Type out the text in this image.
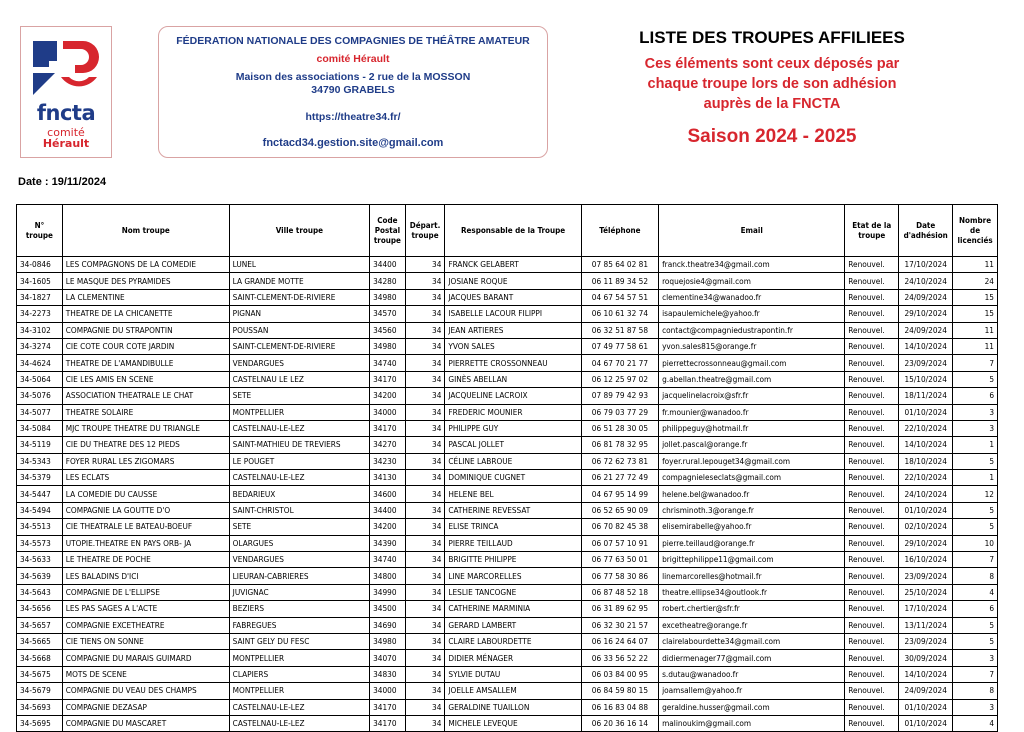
fncta
comité
Hérault
FÉDERATION NATIONALE DES COMPAGNIES DE THÉÂTRE AMATEUR
comité Hérault
Maison des associations - 2 rue de la MOSSON
34790 GRABELS
https://theatre34.fr/
fnctacd34.gestion.site@gmail.com
LISTE DES TROUPES AFFILIEES
Ces éléments sont ceux déposés par
chaque troupe lors de son adhésion
auprès de la FNCTA
Saison 2024 - 2025
Date : 19/11/2024
N° troupe	Nom troupe	Ville troupe	Code Postal troupe	Départ. troupe	Responsable de la Troupe	Téléphone	Email	Etat de la troupe	Date d'adhésion	Nombre de licenciés
34-0846	LES COMPAGNONS DE LA COMEDIE	LUNEL	34400	34	FRANCK GELABERT	07 85 64 02 81	franck.theatre34@gmail.com	Renouvel.	17/10/2024	11
34-1605	LE MASQUE DES PYRAMIDES	LA GRANDE MOTTE	34280	34	JOSIANE ROQUE	06 11 89 34 52	roquejosie4@gmail.com	Renouvel.	24/10/2024	24
34-1827	LA CLEMENTINE	SAINT-CLEMENT-DE-RIVIERE	34980	34	JACQUES BARANT	04 67 54 57 51	clementine34@wanadoo.fr	Renouvel.	24/09/2024	15
34-2273	THEATRE DE LA CHICANETTE	PIGNAN	34570	34	ISABELLE LACOUR FILIPPI	06 10 61 32 74	isapaulemichele@yahoo.fr	Renouvel.	29/10/2024	15
34-3102	COMPAGNIE DU STRAPONTIN	POUSSAN	34560	34	JEAN ARTIERES	06 32 51 87 58	contact@compagniedustrapontin.fr	Renouvel.	24/09/2024	11
34-3274	CIE COTE COUR COTE JARDIN	SAINT-CLEMENT-DE-RIVIERE	34980	34	YVON SALES	07 49 77 58 61	yvon.sales815@orange.fr	Renouvel.	14/10/2024	11
34-4624	THEATRE DE L'AMANDIBULLE	VENDARGUES	34740	34	PIERRETTE CROSSONNEAU	04 67 70 21 77	pierrettecrossonneau@gmail.com	Renouvel.	23/09/2024	7
34-5064	CIE LES AMIS EN SCENE	CASTELNAU LE LEZ	34170	34	GINÈS ABELLAN	06 12 25 97 02	g.abellan.theatre@gmail.com	Renouvel.	15/10/2024	5
34-5076	ASSOCIATION THEATRALE LE CHAT	SETE	34200	34	JACQUELINE LACROIX	07 89 79 42 93	jacquelinelacroix@sfr.fr	Renouvel.	18/11/2024	6
34-5077	THEATRE SOLAIRE	MONTPELLIER	34000	34	FREDERIC MOUNIER	06 79 03 77 29	fr.mounier@wanadoo.fr	Renouvel.	01/10/2024	3
34-5084	MJC TROUPE THEATRE DU TRIANGLE	CASTELNAU-LE-LEZ	34170	34	PHILIPPE GUY	06 51 28 30 05	philippeguy@hotmail.fr	Renouvel.	22/10/2024	3
34-5119	CIE DU THEATRE DES 12 PIEDS	SAINT-MATHIEU DE TREVIERS	34270	34	PASCAL JOLLET	06 81 78 32 95	jollet.pascal@orange.fr	Renouvel.	14/10/2024	1
34-5343	FOYER RURAL LES ZIGOMARS	LE POUGET	34230	34	CÉLINE LABROUE	06 72 62 73 81	foyer.rural.lepouget34@gmail.com	Renouvel.	18/10/2024	5
34-5379	LES ECLATS	CASTELNAU-LE-LEZ	34130	34	DOMINIQUE CUGNET	06 21 27 72 49	compagnieleseclats@gmail.com	Renouvel.	22/10/2024	1
34-5447	LA COMEDIE DU CAUSSE	BEDARIEUX	34600	34	HELENE BEL	04 67 95 14 99	helene.bel@wanadoo.fr	Renouvel.	24/10/2024	12
34-5494	COMPAGNIE LA GOUTTE D'O	SAINT-CHRISTOL	34400	34	CATHERINE REVESSAT	06 52 65 90 09	chrisminoth.3@orange.fr	Renouvel.	01/10/2024	5
34-5513	CIE THEATRALE LE BATEAU-BOEUF	SETE	34200	34	ELISE TRINCA	06 70 82 45 38	elisemirabelle@yahoo.fr	Renouvel.	02/10/2024	5
34-5573	UTOPIE.THEATRE EN PAYS ORB- JA	OLARGUES	34390	34	PIERRE TEILLAUD	06 07 57 10 91	pierre.teillaud@orange.fr	Renouvel.	29/10/2024	10
34-5633	LE THEATRE DE POCHE	VENDARGUES	34740	34	BRIGITTE PHILIPPE	06 77 63 50 01	brigittephilippe11@gmail.com	Renouvel.	16/10/2024	7
34-5639	LES BALADINS D'ICI	LIEURAN-CABRIERES	34800	34	LINE MARCORELLES	06 77 58 30 86	linemarcorelles@hotmail.fr	Renouvel.	23/09/2024	8
34-5643	COMPAGNIE DE L'ELLIPSE	JUVIGNAC	34990	34	LESLIE TANCOGNE	06 87 48 52 18	theatre.ellipse34@outlook.fr	Renouvel.	25/10/2024	4
34-5656	LES PAS SAGES A L'ACTE	BEZIERS	34500	34	CATHERINE MARMINIA	06 31 89 62 95	robert.chertier@sfr.fr	Renouvel.	17/10/2024	6
34-5657	COMPAGNIE EXCETHEATRE	FABREGUES	34690	34	GERARD LAMBERT	06 32 30 21 57	excetheatre@orange.fr	Renouvel.	13/11/2024	5
34-5665	CIE TIENS ON SONNE	SAINT GELY DU FESC	34980	34	CLAIRE LABOURDETTE	06 16 24 64 07	clairelabourdette34@gmail.com	Renouvel.	23/09/2024	5
34-5668	COMPAGNIE DU MARAIS GUIMARD	MONTPELLIER	34070	34	DIDIER MÉNAGER	06 33 56 52 22	didiermenager77@gmail.com	Renouvel.	30/09/2024	3
34-5675	MOTS DE SCENE	CLAPIERS	34830	34	SYLVIE DUTAU	06 03 84 00 95	s.dutau@wanadoo.fr	Renouvel.	14/10/2024	7
34-5679	COMPAGNIE DU VEAU DES CHAMPS	MONTPELLIER	34000	34	JOELLE AMSALLEM	06 84 59 80 15	joamsallem@yahoo.fr	Renouvel.	24/09/2024	8
34-5693	COMPAGNIE DEZASAP	CASTELNAU-LE-LEZ	34170	34	GERALDINE TUAILLON	06 16 83 04 88	geraldine.husser@gmail.com	Renouvel.	01/10/2024	3
34-5695	COMPAGNIE DU MASCARET	CASTELNAU-LE-LEZ	34170	34	MICHELE LEVEQUE	06 20 36 16 14	malinoukim@gmail.com	Renouvel.	01/10/2024	4
